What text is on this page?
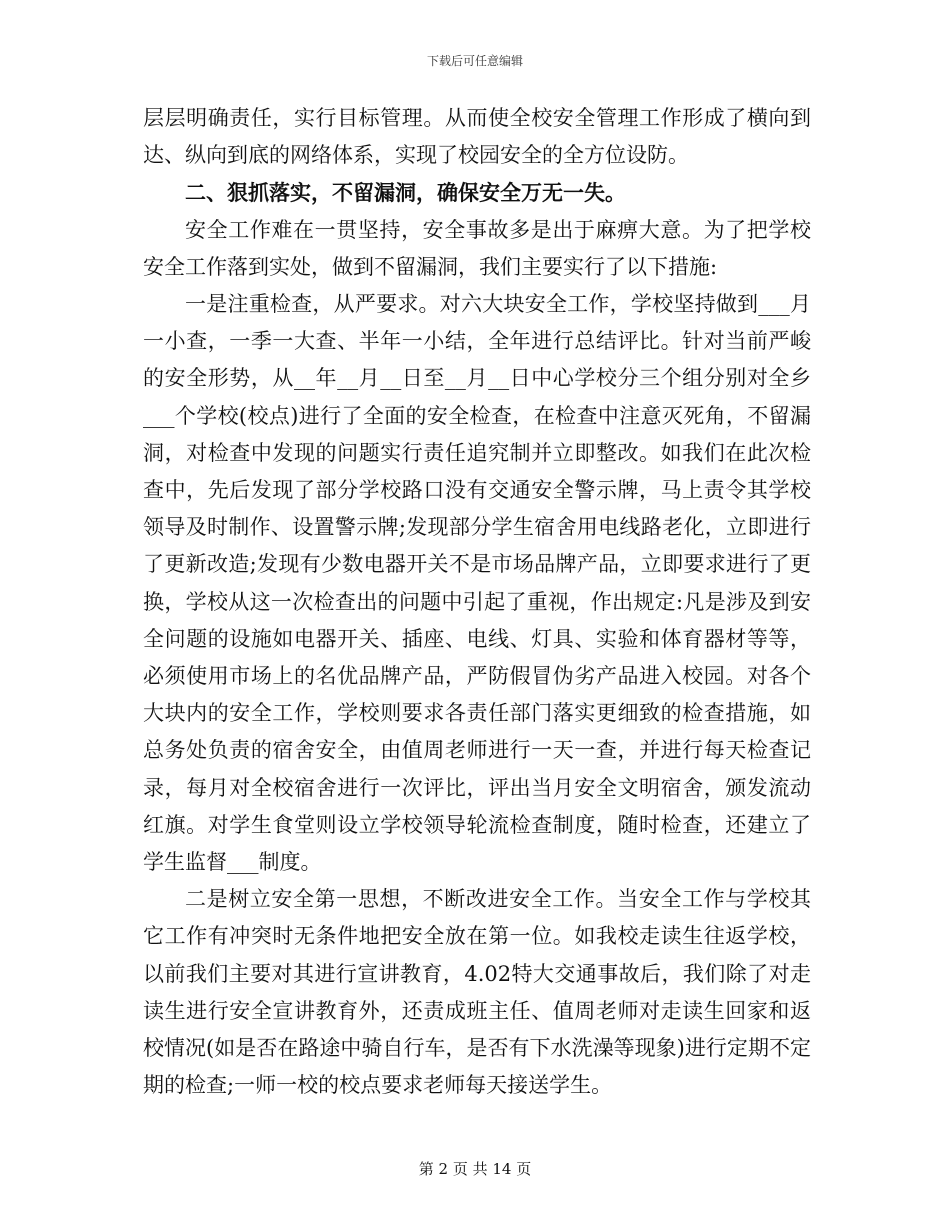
下载后可任意编辑

层层明确责任，实行目标管理。从而使全校安全管理工作形成了横向到达、纵向到底的网络体系，实现了校园安全的全方位设防。

二、狠抓落实，不留漏洞，确保安全万无一失。

安全工作难在一贯坚持，安全事故多是出于麻痹大意。为了把学校安全工作落到实处，做到不留漏洞，我们主要实行了以下措施:

一是注重检查，从严要求。对六大块安全工作，学校坚持做到___月一小查，一季一大查、半年一小结，全年进行总结评比。针对当前严峻的安全形势，从__年__月__日至__月__日中心学校分三个组分别对全乡___个学校(校点)进行了全面的安全检查，在检查中注意灭死角，不留漏洞，对检查中发现的问题实行责任追究制并立即整改。如我们在此次检查中，先后发现了部分学校路口没有交通安全警示牌，马上责令其学校领导及时制作、设置警示牌;发现部分学生宿舍用电线路老化，立即进行了更新改造;发现有少数电器开关不是市场品牌产品，立即要求进行了更换，学校从这一次检查出的问题中引起了重视，作出规定:凡是涉及到安全问题的设施如电器开关、插座、电线、灯具、实验和体育器材等等，必须使用市场上的名优品牌产品，严防假冒伪劣产品进入校园。对各个大块内的安全工作，学校则要求各责任部门落实更细致的检查措施，如总务处负责的宿舍安全，由值周老师进行一天一查，并进行每天检查记录，每月对全校宿舍进行一次评比，评出当月安全文明宿舍，颁发流动红旗。对学生食堂则设立学校领导轮流检查制度，随时检查，还建立了学生监督___制度。

二是树立安全第一思想，不断改进安全工作。当安全工作与学校其它工作有冲突时无条件地把安全放在第一位。如我校走读生往返学校，以前我们主要对其进行宣讲教育，4.02特大交通事故后，我们除了对走读生进行安全宣讲教育外，还责成班主任、值周老师对走读生回家和返校情况(如是否在路途中骑自行车，是否有下水洗澡等现象)进行定期不定期的检查;一师一校的校点要求老师每天接送学生。

第 2 页 共 14 页
